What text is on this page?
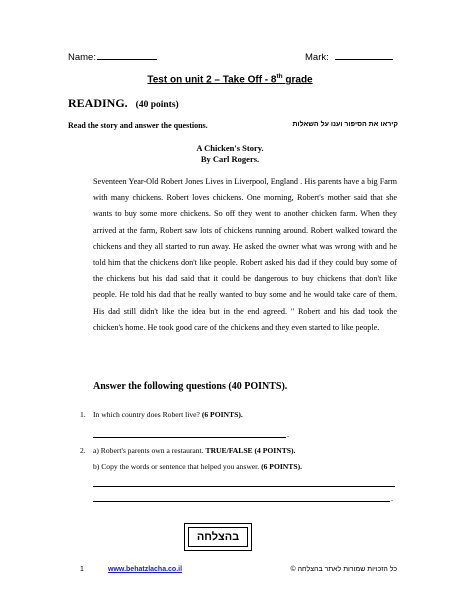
Name:	Mark:
Test on unit 2 – Take Off - 8th grade
READING. (40 points)
Read the story and answer the questions.	קיראו את הסיפור וענו על השאלות
A Chicken's Story.
By Carl Rogers.
Seventeen Year-Old Robert Jones Lives in Liverpool, England . His parents have a big Farm with many chickens. Robert loves chickens. One morning, Robert's mother said that she wants to buy some more chickens. So off they went to another chicken farm. When they arrived at the farm, Robert saw lots of chickens running around. Robert walked toward the chickens and they all started to run away. He asked the owner what was wrong with and he told him that the chickens don't like people. Robert asked his dad if they could buy some of the chickens but his dad said that it could be dangerous to buy chickens that don't like people. He told his dad that he really wanted to buy some and he would take care of them. His dad still didn't like the idea but in the end agreed. " Robert and his dad took the chicken's home. He took good care of the chickens and they even started to like people.
Answer the following questions (40 POINTS).
1. In which country does Robert live? (6 POINTS).
.
2. a) Robert's parents own a restaurant. TRUE/FALSE (4 POINTS).
b) Copy the words or sentence that helped you answer. (6 POINTS).
.
בהצלחה
1	www.behatzlacha.co.il	כל הזכויות שמורות לאתר בהצלחה ©
